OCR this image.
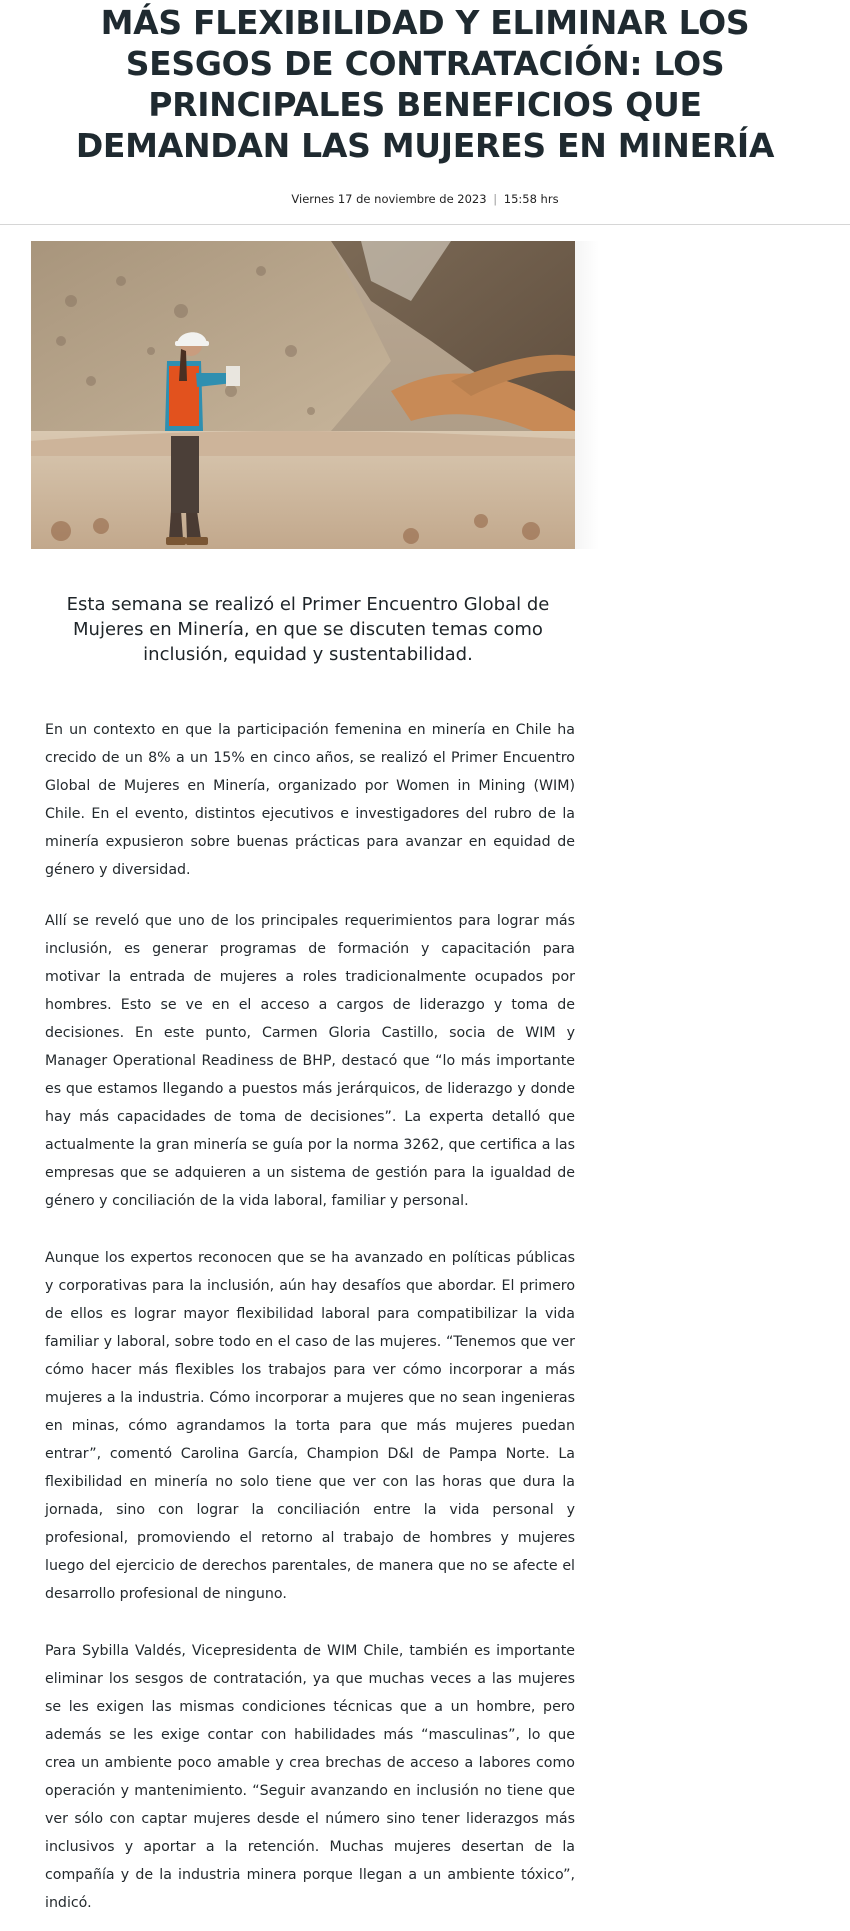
MÁS FLEXIBILIDAD Y ELIMINAR LOS SESGOS DE CONTRATACIÓN: LOS PRINCIPALES BENEFICIOS QUE DEMANDAN LAS MUJERES EN MINERÍA
Viernes 17 de noviembre de 2023 | 15:58 hrs

Esta semana se realizó el Primer Encuentro Global de Mujeres en Minería, en que se discuten temas como inclusión, equidad y sustentabilidad.

En un contexto en que la participación femenina en minería en Chile ha crecido de un 8% a un 15% en cinco años, se realizó el Primer Encuentro Global de Mujeres en Minería, organizado por Women in Mining (WIM) Chile. En el evento, distintos ejecutivos e investigadores del rubro de la minería expusieron sobre buenas prácticas para avanzar en equidad de género y diversidad.

Allí se reveló que uno de los principales requerimientos para lograr más inclusión, es generar programas de formación y capacitación para motivar la entrada de mujeres a roles tradicionalmente ocupados por hombres. Esto se ve en el acceso a cargos de liderazgo y toma de decisiones. En este punto, Carmen Gloria Castillo, socia de WIM y Manager Operational Readiness de BHP, destacó que “lo más importante es que estamos llegando a puestos más jerárquicos, de liderazgo y donde hay más capacidades de toma de decisiones”. La experta detalló que actualmente la gran minería se guía por la norma 3262, que certifica a las empresas que se adquieren a un sistema de gestión para la igualdad de género y conciliación de la vida laboral, familiar y personal.

Aunque los expertos reconocen que se ha avanzado en políticas públicas y corporativas para la inclusión, aún hay desafíos que abordar. El primero de ellos es lograr mayor flexibilidad laboral para compatibilizar la vida familiar y laboral, sobre todo en el caso de las mujeres. “Tenemos que ver cómo hacer más flexibles los trabajos para ver cómo incorporar a más mujeres a la industria. Cómo incorporar a mujeres que no sean ingenieras en minas, cómo agrandamos la torta para que más mujeres puedan entrar”, comentó Carolina García, Champion D&I de Pampa Norte. La flexibilidad en minería no solo tiene que ver con las horas que dura la jornada, sino con lograr la conciliación entre la vida personal y profesional, promoviendo el retorno al trabajo de hombres y mujeres luego del ejercicio de derechos parentales, de manera que no se afecte el desarrollo profesional de ninguno.

Para Sybilla Valdés, Vicepresidenta de WIM Chile, también es importante eliminar los sesgos de contratación, ya que muchas veces a las mujeres se les exigen las mismas condiciones técnicas que a un hombre, pero además se les exige contar con habilidades más “masculinas”, lo que crea un ambiente poco amable y crea brechas de acceso a labores como operación y mantenimiento. “Seguir avanzando en inclusión no tiene que ver sólo con captar mujeres desde el número sino tener liderazgos más inclusivos y aportar a la retención. Muchas mujeres desertan de la compañía y de la industria minera porque llegan a un ambiente tóxico”, indicó.
